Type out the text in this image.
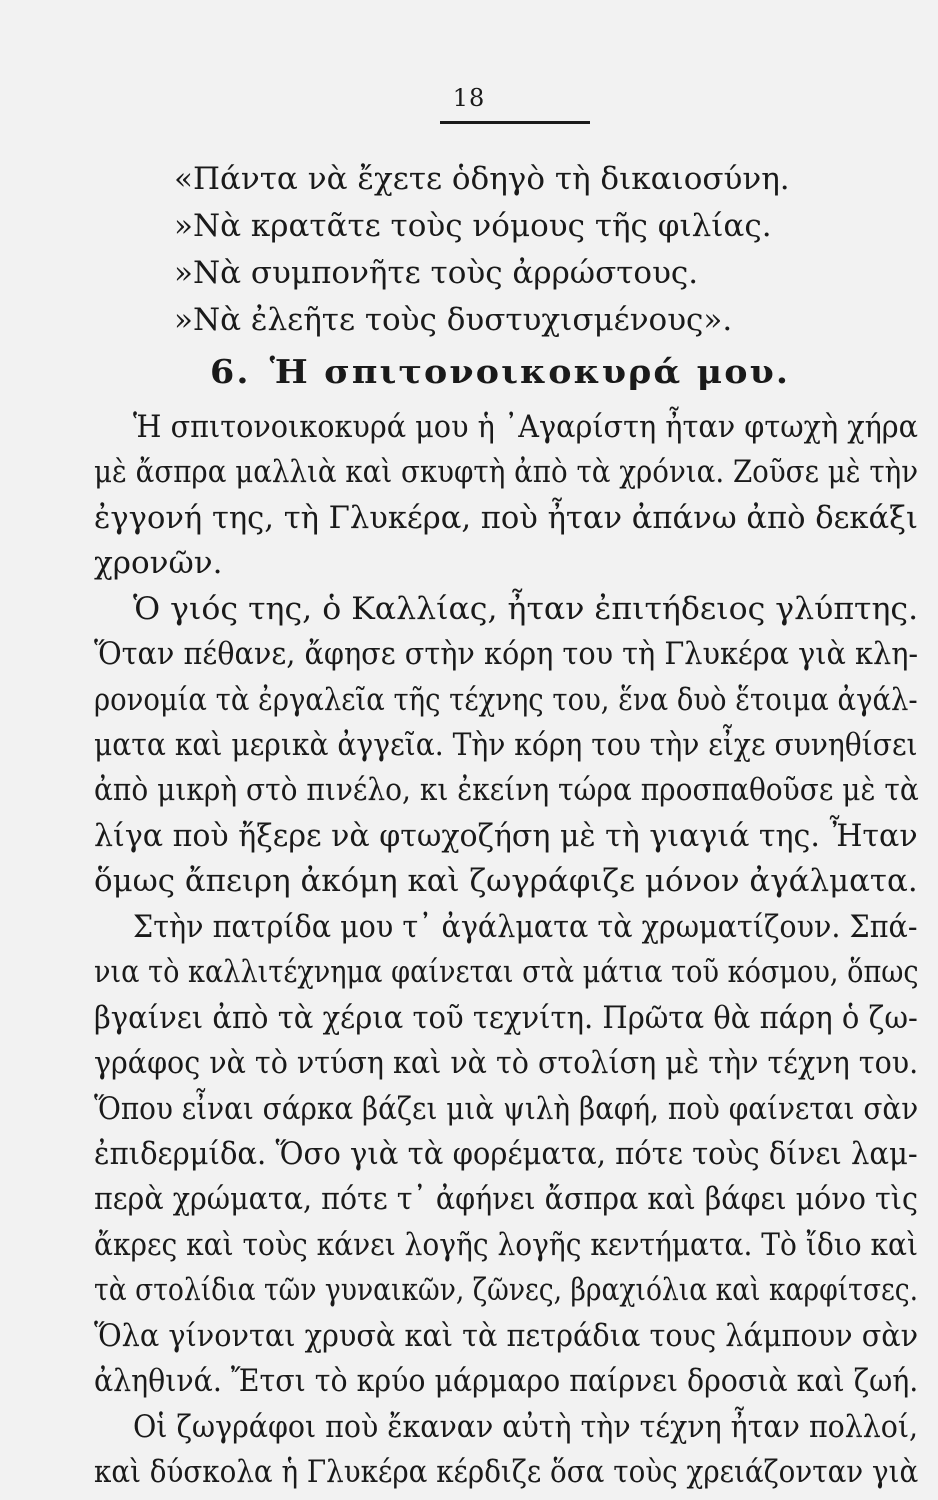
18
«Πάντα νὰ ἔχετε ὁδηγὸ τὴ δικαιοσύνη.
»Νὰ κρατᾶτε τοὺς νόμους τῆς φιλίας.
»Νὰ συμπονῆτε τοὺς ἀρρώστους.
»Νὰ ἐλεῆτε τοὺς δυστυχισμένους».
6. Ἡ σπιτονοικοκυρά μου.
Ἡ σπιτονοικοκυρά μου ἡ ᾿Αγαρίστη ἦταν φτωχὴ χήρα
μὲ ἄσπρα μαλλιὰ καὶ σκυφτὴ ἀπὸ τὰ χρόνια. Ζοῦσε μὲ τὴν
ἐγγονή της, τὴ Γλυκέρα, ποὺ ἦταν ἀπάνω ἀπὸ δεκάξι
χρονῶν.
Ὁ γιός της, ὁ Καλλίας, ἦταν ἐπιτήδειος γλύπτης.
Ὅταν πέθανε, ἄφησε στὴν κόρη του τὴ Γλυκέρα γιὰ κλη-
ρονομία τὰ ἐργαλεῖα τῆς τέχνης του, ἕνα δυὸ ἕτοιμα ἀγάλ-
ματα καὶ μερικὰ ἀγγεῖα. Τὴν κόρη του τὴν εἶχε συνηθίσει
ἀπὸ μικρὴ στὸ πινέλο, κι ἐκείνη τώρα προσπαθοῦσε μὲ τὰ
λίγα ποὺ ἤξερε νὰ φτωχοζήση μὲ τὴ γιαγιά της. Ἦταν
ὅμως ἄπειρη ἀκόμη καὶ ζωγράφιζε μόνον ἀγάλματα.
Στὴν πατρίδα μου τ᾿ ἀγάλματα τὰ χρωματίζουν. Σπά-
νια τὸ καλλιτέχνημα φαίνεται στὰ μάτια τοῦ κόσμου, ὅπως
βγαίνει ἀπὸ τὰ χέρια τοῦ τεχνίτη. Πρῶτα θὰ πάρη ὁ ζω-
γράφος νὰ τὸ ντύση καὶ νὰ τὸ στολίση μὲ τὴν τέχνη του.
Ὅπου εἶναι σάρκα βάζει μιὰ ψιλὴ βαφή, ποὺ φαίνεται σὰν
ἐπιδερμίδα. Ὅσο γιὰ τὰ φορέματα, πότε τοὺς δίνει λαμ-
περὰ χρώματα, πότε τ᾿ ἀφήνει ἄσπρα καὶ βάφει μόνο τὶς
ἄκρες καὶ τοὺς κάνει λογῆς λογῆς κεντήματα. Τὸ ἴδιο καὶ
τὰ στολίδια τῶν γυναικῶν, ζῶνες, βραχιόλια καὶ καρφίτσες.
Ὅλα γίνονται χρυσὰ καὶ τὰ πετράδια τους λάμπουν σὰν
ἀληθινά. Ἔτσι τὸ κρύο μάρμαρο παίρνει δροσιὰ καὶ ζωή.
Οἱ ζωγράφοι ποὺ ἔκαναν αὐτὴ τὴν τέχνη ἦταν πολλοί,
καὶ δύσκολα ἡ Γλυκέρα κέρδιζε ὅσα τοὺς χρειάζονταν γιὰ
